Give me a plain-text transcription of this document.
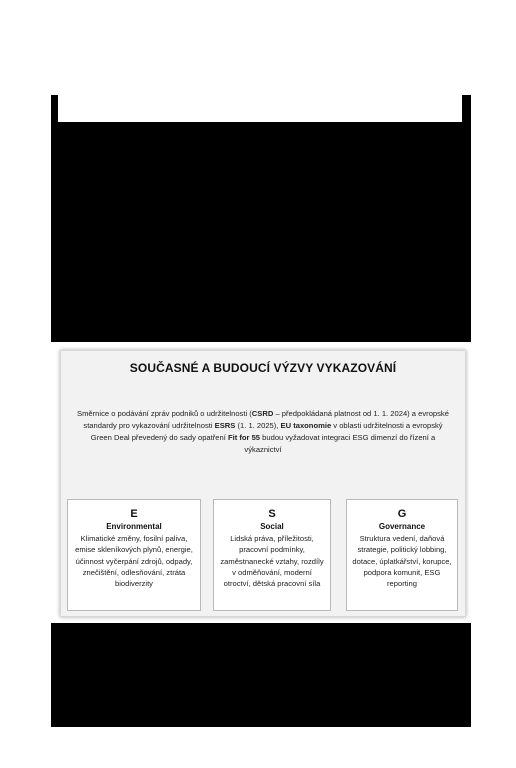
SOUČASNÉ A BUDOUCÍ VÝZVY VYKAZOVÁNÍ
Směrnice o podávání zpráv podniků o udržitelnosti (CSRD – předpokládaná platnost od 1. 1. 2024) a evropské standardy pro vykazování udržitelnosti ESRS (1. 1. 2025), EU taxonomie v oblasti udržitelnosti a evropský Green Deal převedený do sady opatření Fit for 55 budou vyžadovat integraci ESG dimenzí do řízení a výkaznictví
E
Environmental
Klimatické změny, fosilní paliva, emise skleníkových plynů, energie, účinnost vyčerpání zdrojů, odpady, znečištění, odlesňování, ztráta biodiverzity
S
Social
Lidská práva, příležitosti, pracovní podmínky, zaměstnanecké vztahy, rozdíly v odměňování, moderní otroctví, dětská pracovní síla
G
Governance
Struktura vedení, daňová strategie, politický lobbing, dotace, úplatkářství, korupce, podpora komunit, ESG reporting
